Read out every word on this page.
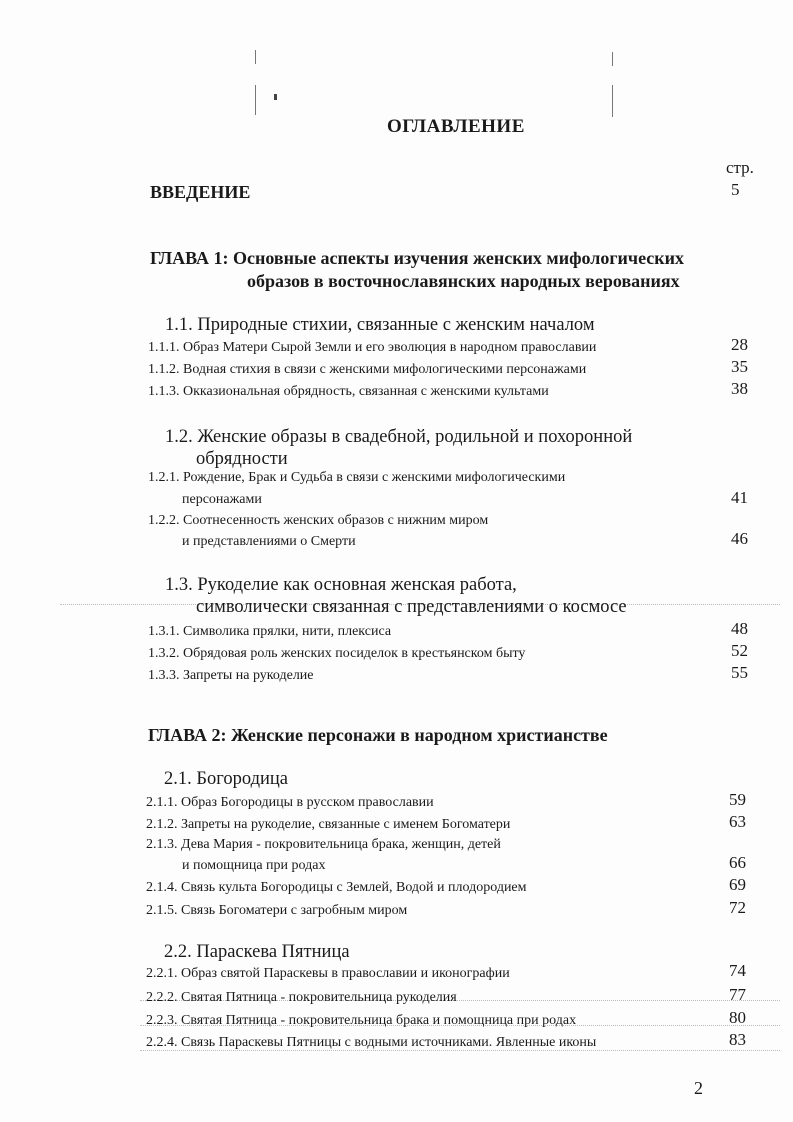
ОГЛАВЛЕНИЕ
стр.
ВВЕДЕНИЕ	5
ГЛАВА 1: Основные аспекты изучения женских мифологических
образов в восточнославянских народных верованиях
1.1. Природные стихии, связанные с женским началом
1.1.1. Образ Матери Сырой Земли и его эволюция в народном православии	28
1.1.2. Водная стихия в связи с женскими мифологическими персонажами	35
1.1.3. Окказиональная обрядность, связанная с женскими культами	38
1.2. Женские образы в свадебной, родильной и похоронной
обрядности
1.2.1. Рождение, Брак и Судьба в связи с женскими мифологическими
персонажами	41
1.2.2. Соотнесенность женских образов с нижним миром
и представлениями о Смерти	46
1.3. Рукоделие как основная женская работа,
символически связанная с представлениями о космосе
1.3.1. Символика прялки, нити, плексиса	48
1.3.2. Обрядовая роль женских посиделок в крестьянском быту	52
1.3.3. Запреты на рукоделие	55
ГЛАВА 2: Женские персонажи в народном христианстве
2.1. Богородица
2.1.1. Образ Богородицы в русском православии	59
2.1.2. Запреты на рукоделие, связанные с именем Богоматери	63
2.1.3. Дева Мария - покровительница брака, женщин, детей
и помощница при родах	66
2.1.4. Связь культа Богородицы с Землей, Водой и плодородием	69
2.1.5. Связь Богоматери с загробным миром	72
2.2. Параскева Пятница
2.2.1. Образ святой Параскевы в православии и иконографии	74
2.2.2. Святая Пятница - покровительница рукоделия	77
2.2.3. Святая Пятница - покровительница брака и помощница при родах	80
2.2.4. Связь Параскевы Пятницы с водными источниками. Явленные иконы	83
2
